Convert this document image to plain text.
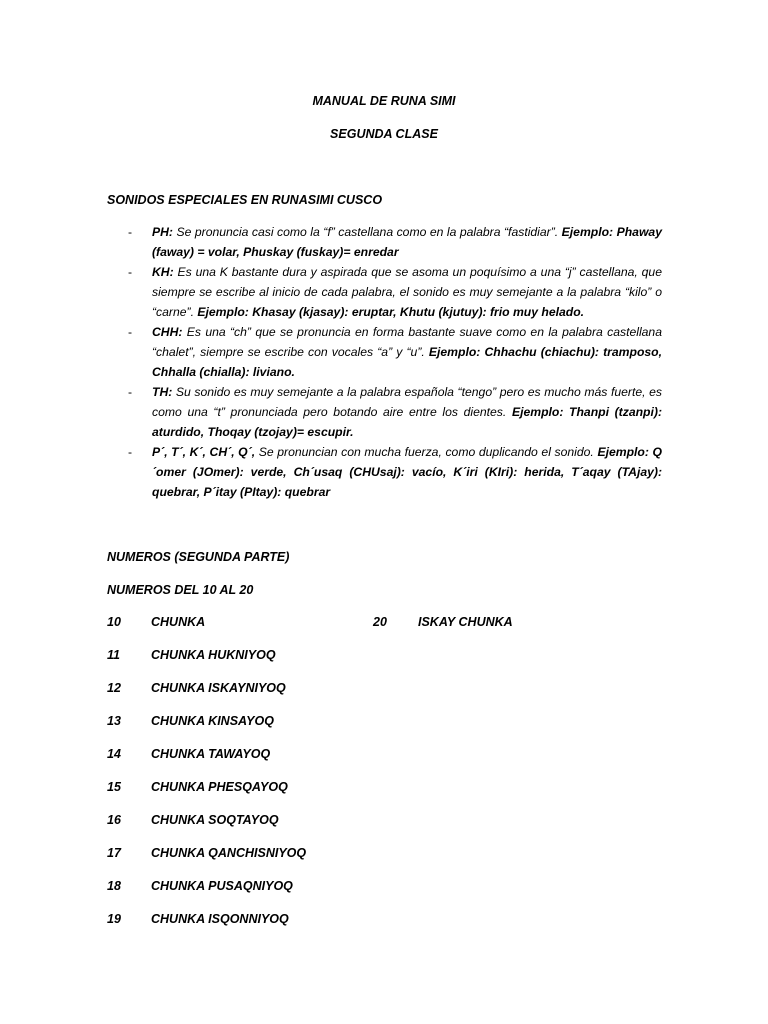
MANUAL DE RUNA SIMI
SEGUNDA CLASE
SONIDOS ESPECIALES EN RUNASIMI CUSCO
- PH: Se pronuncia casi como la “f” castellana como en la palabra “fastidiar”. Ejemplo: Phaway (faway) = volar, Phuskay (fuskay)= enredar
- KH: Es una K bastante dura y aspirada que se asoma un poquísimo a una “j” castellana, que siempre se escribe al inicio de cada palabra, el sonido es muy semejante a la palabra “kilo” o “carne”. Ejemplo: Khasay (kjasay): eruptar, Khutu (kjutuy): frio muy helado.
- CHH: Es una “ch” que se pronuncia en forma bastante suave como en la palabra castellana “chalet”, siempre se escribe con vocales “a” y “u”. Ejemplo: Chhachu (chiachu): tramposo, Chhalla (chialla): liviano.
- TH: Su sonido es muy semejante a la palabra española “tengo” pero es mucho más fuerte, es como una “t” pronunciada pero botando aire entre los dientes. Ejemplo: Thanpi (tzanpi): aturdido, Thoqay (tzojay)= escupir.
- P´, T´, K´, CH´, Q´, Se pronuncian con mucha fuerza, como duplicando el sonido. Ejemplo: Q´omer (JOmer): verde, Ch´usaq (CHUsaj): vacío, K´iri (KIri): herida, T´aqay (TAjay): quebrar, P´itay (PItay): quebrar
NUMEROS (SEGUNDA PARTE)
NUMEROS DEL 10 AL 20
10 CHUNKA	20 ISKAY CHUNKA
11 CHUNKA HUKNIYOQ
12 CHUNKA ISKAYNIYOQ
13 CHUNKA KINSAYOQ
14 CHUNKA TAWAYOQ
15 CHUNKA PHESQAYOQ
16 CHUNKA SOQTAYOQ
17 CHUNKA QANCHISNIYOQ
18 CHUNKA PUSAQNIYOQ
19 CHUNKA ISQONNIYOQ
